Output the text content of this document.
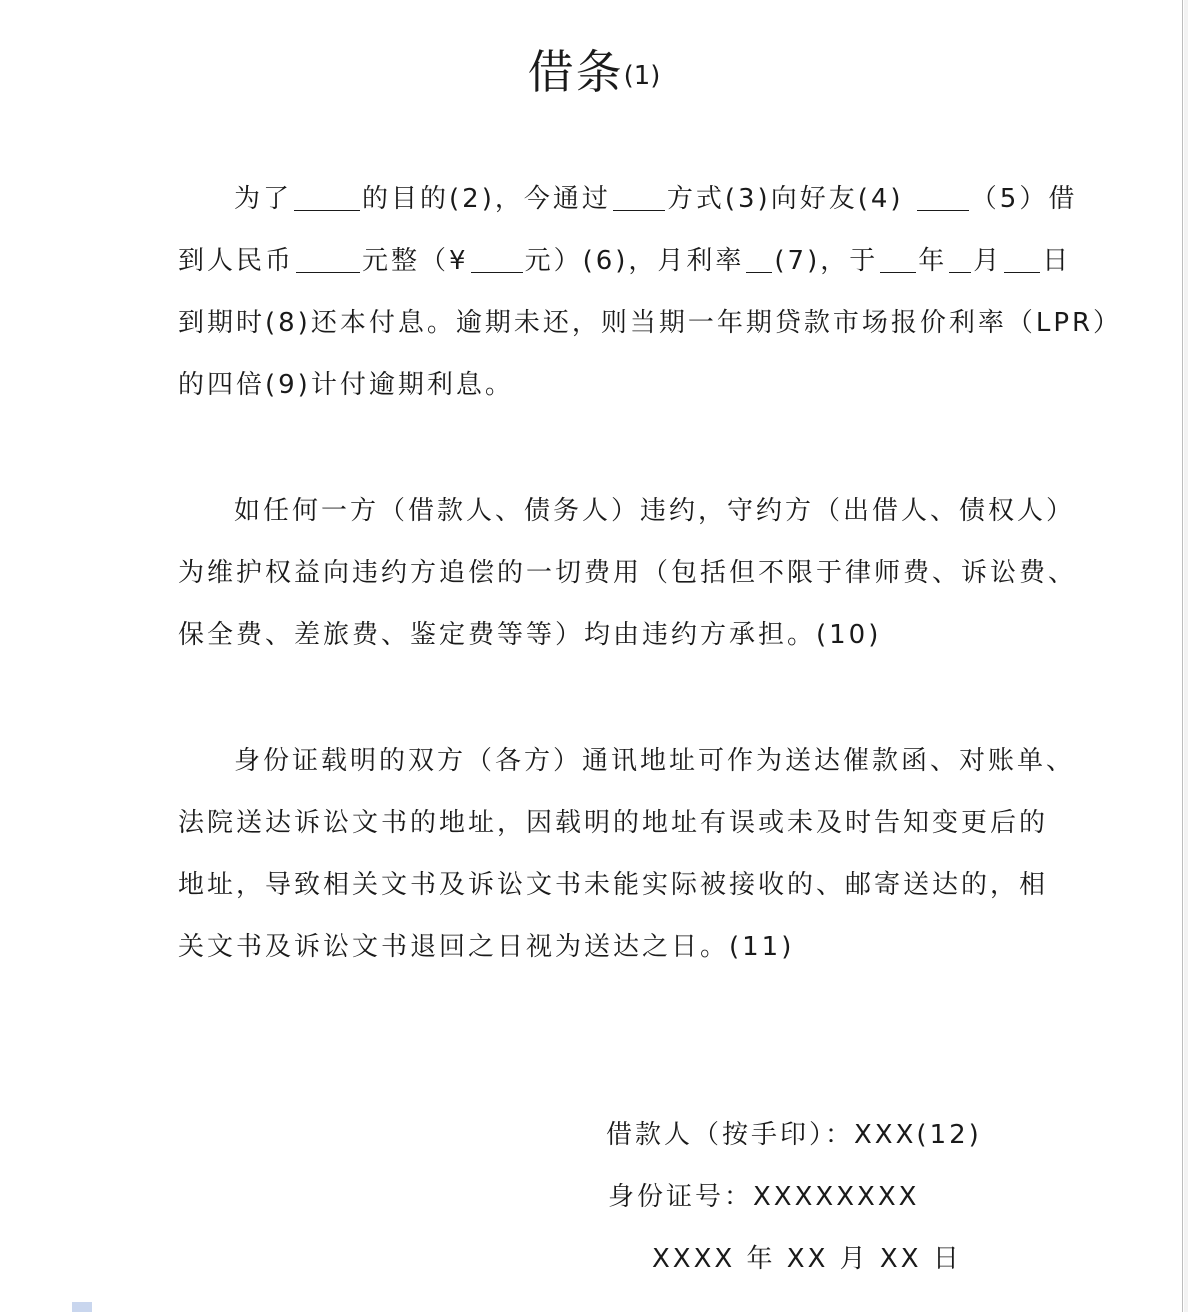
借条(1)
为了	的目的(2)，今通过 方式(3)向好友(4)	（5）借
到人民币	元整（¥ 元）(6)，月利率 (7)，于 年 月 日
到期时(8)还本付息。逾期未还，则当期一年期贷款市场报价利率（LPR）
的四倍(9)计付逾期利息。
如任何一方（借款人、债务人）违约，守约方（出借人、债权人）
为维护权益向违约方追偿的一切费用（包括但不限于律师费、诉讼费、
保全费、差旅费、鉴定费等等）均由违约方承担。(10)
身份证载明的双方（各方）通讯地址可作为送达催款函、对账单、
法院送达诉讼文书的地址，因载明的地址有误或未及时告知变更后的
地址，导致相关文书及诉讼文书未能实际被接收的、邮寄送达的，相
关文书及诉讼文书退回之日视为送达之日。(11)
借款人（按手印）：XXX(12)
身份证号：XXXXXXXX
XXXX 年 XX 月 XX 日
